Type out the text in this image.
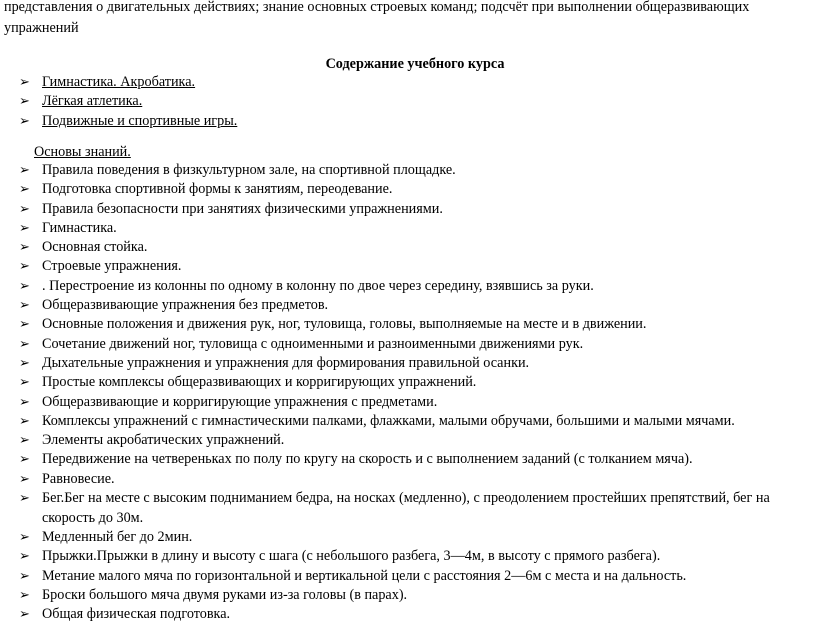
представления о двигательных действиях; знание основных строевых команд; подсчёт при выполнении общеразвивающих упражнений

Содержание учебного курса

➢ Гимнастика. Акробатика.
➢ Лёгкая атлетика.
➢ Подвижные и спортивные игры.

Основы знаний.

➢ Правила поведения в физкультурном зале, на спортивной площадке.
➢ Подготовка спортивной формы к занятиям, переодевание.
➢ Правила безопасности при занятиях физическими упражнениями.
➢ Гимнастика.
➢ Основная стойка.
➢ Строевые упражнения.
➢ . Перестроение из колонны по одному в колонну по двое через середину, взявшись за руки.
➢ Общеразвивающие упражнения без предметов.
➢ Основные положения и движения рук, ног, туловища, головы, выполняемые на месте и в движении.
➢ Сочетание движений ног, туловища с одноименными и разноименными движениями рук.
➢ Дыхательные упражнения и упражнения для формирования правильной осанки.
➢ Простые комплексы общеразвивающих и корригирующих упражнений.
➢ Общеразвивающие и корригирующие упражнения с предметами.
➢ Комплексы упражнений с гимнастическими палками, флажками, малыми обручами, большими и малыми мячами.
➢ Элементы акробатических упражнений.
➢ Передвижение на четвереньках по полу по кругу на скорость и с выполнением заданий (с толканием мяча).
➢ Равновесие.
➢ Бег.Бег на месте с высоким подниманием бедра, на носках (медленно), с преодолением простейших препятствий, бег на скорость до 30м.
➢ Медленный бег до 2мин.
➢ Прыжки.Прыжки в длину и высоту с шага (с небольшого разбега, 3—4м, в высоту с прямого разбега).
➢ Метание малого мяча по горизонтальной и вертикальной цели с расстояния 2—6м с места и на дальность.
➢ Броски большого мяча двумя руками из-за головы (в парах).
➢ Общая физическая подготовка.
